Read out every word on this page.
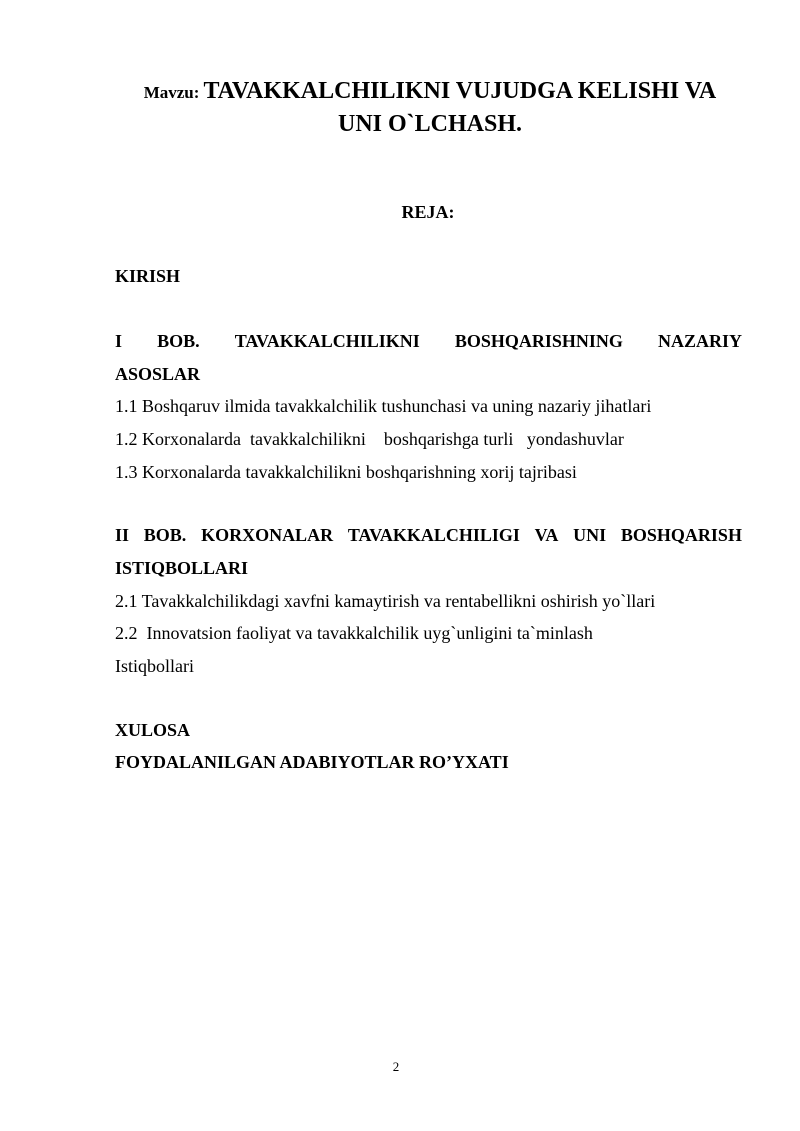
Mavzu: TAVAKKALCHILIKNI VUJUDGA KELISHI VA
UNI O`LCHASH.
REJA:
KIRISH
I BOB. TAVAKKALCHILIKNI BOSHQARISHNING NAZARIY
ASOSLAR
1.1 Boshqaruv ilmida tavakkalchilik tushunchasi va uning nazariy jihatlari
1.2 Korxonalarda  tavakkalchilikni    boshqarishga turli   yondashuvlar
1.3 Korxonalarda tavakkalchilikni boshqarishning xorij tajribasi
II BOB. KORXONALAR TAVAKKALCHILIGI VA UNI BOSHQARISH
ISTIQBOLLARI
2.1 Tavakkalchilikdagi xavfni kamaytirish va rentabellikni oshirish yo`llari
2.2  Innovatsion faoliyat va tavakkalchilik uyg`unligini ta`minlash
Istiqbollari
XULOSA
FOYDALANILGAN ADABIYOTLAR RO’YXATI
2
